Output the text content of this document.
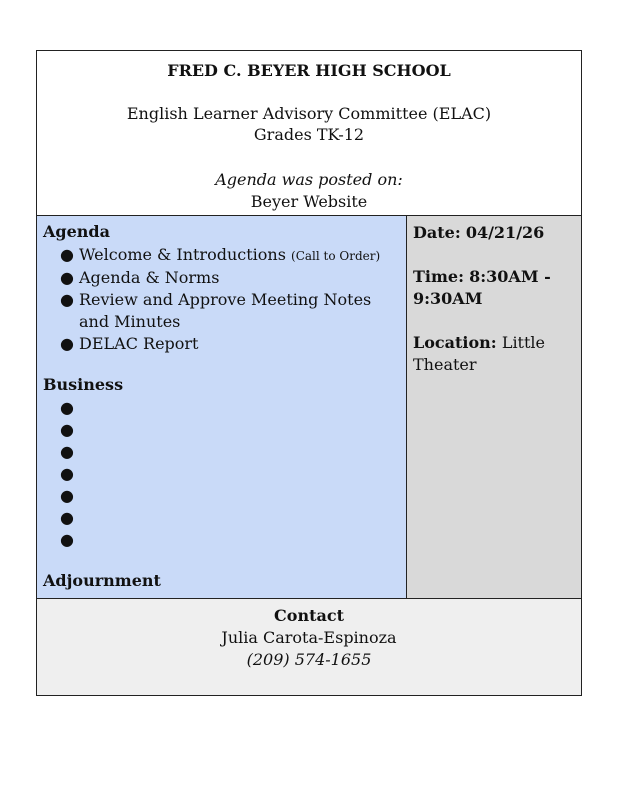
FRED C. BEYER HIGH SCHOOL
English Learner Advisory Committee (ELAC)
Grades TK-12
Agenda was posted on:
Beyer Website
Agenda
● Welcome & Introductions (Call to Order)
● Agenda & Norms
● Review and Approve Meeting Notes and Minutes
● DELAC Report
Business
●

●

●

●

●

●

●

Adjournment
Date: 04/21/26
Time: 8:30AM - 9:30AM
Location: Little Theater
Contact
Julia Carota-Espinoza
(209) 574-1655
